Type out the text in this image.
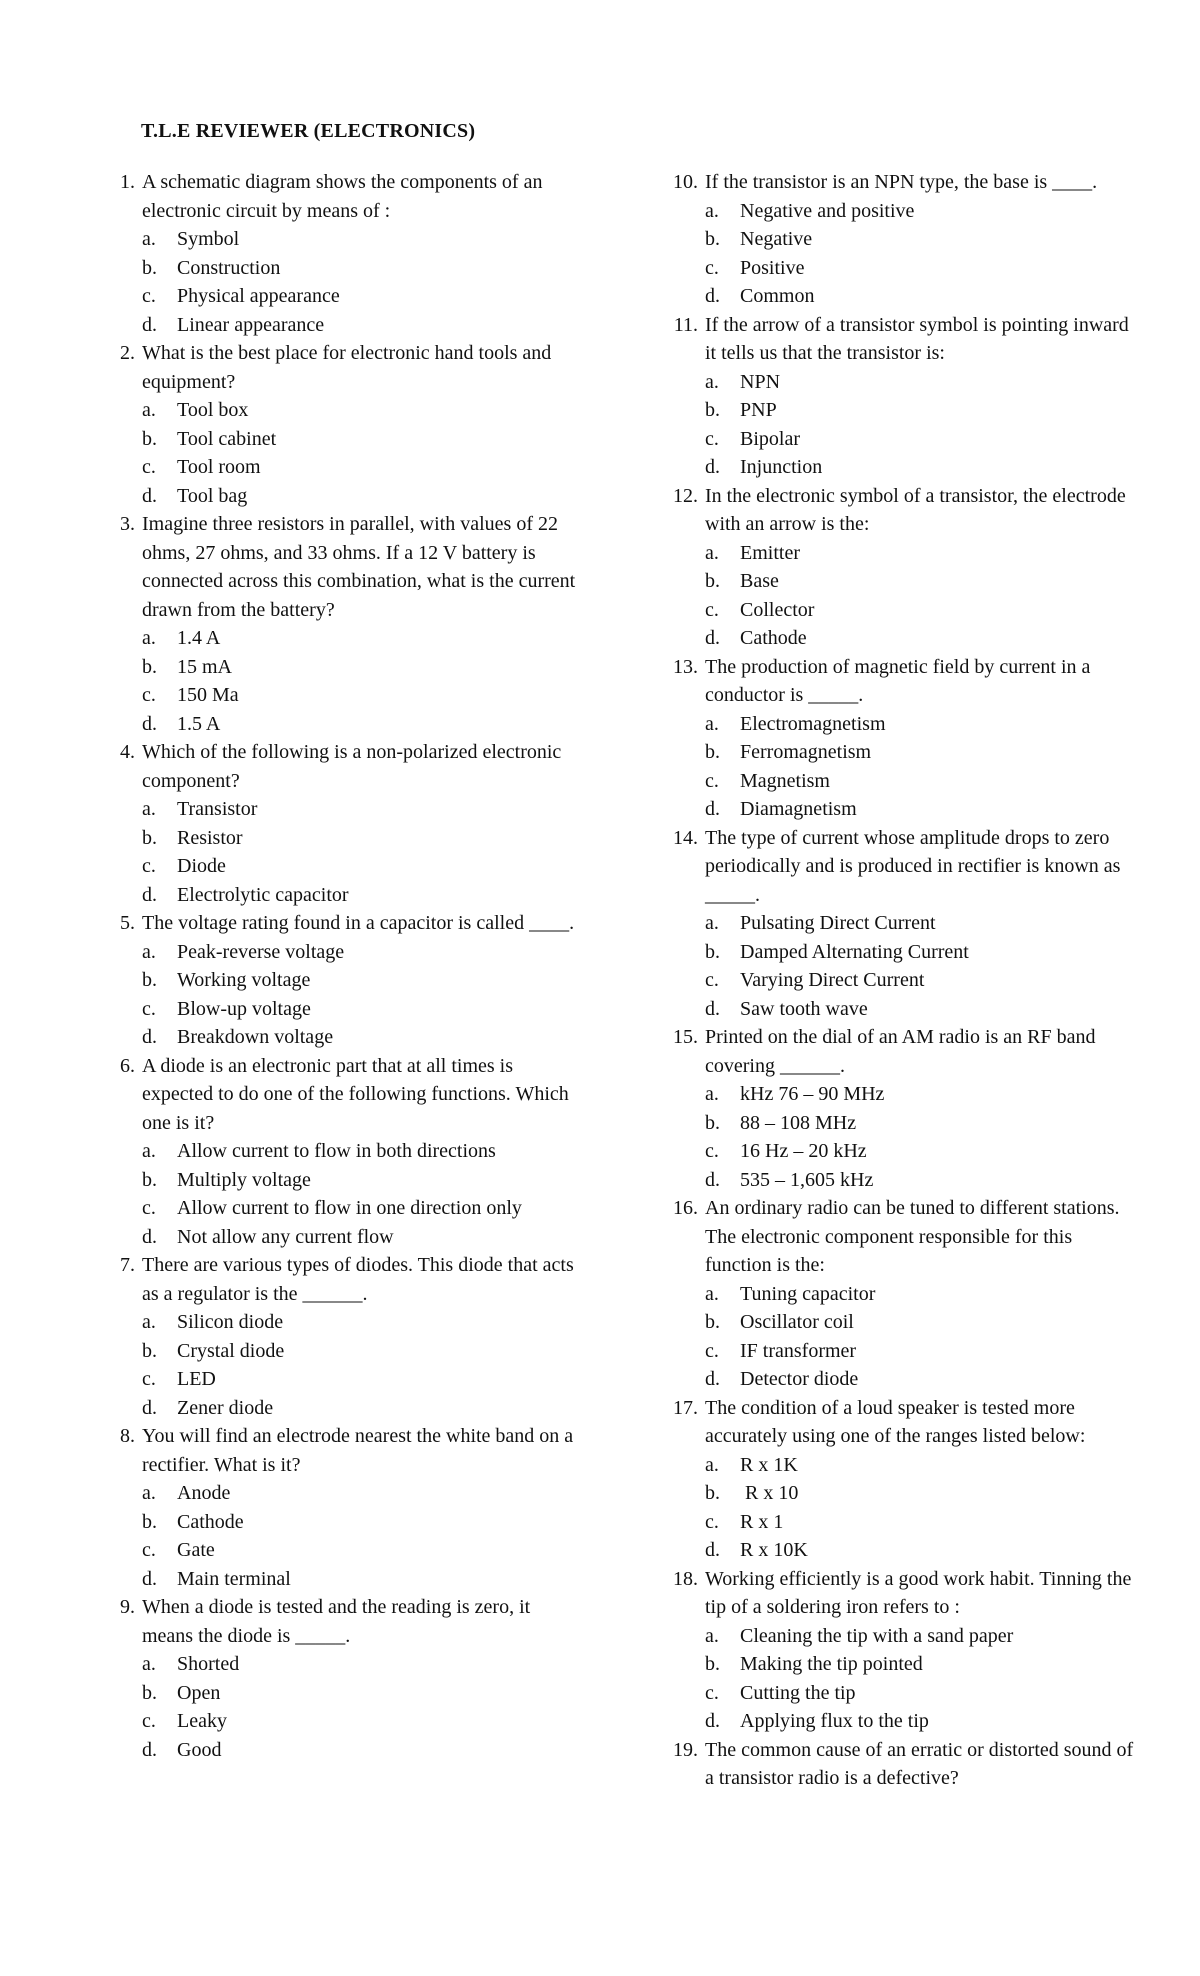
T.L.E REVIEWER (ELECTRONICS)
1. A schematic diagram shows the components of an electronic circuit by means of :
a. Symbol
b. Construction
c. Physical appearance
d. Linear appearance
2. What is the best place for electronic hand tools and equipment?
a. Tool box
b. Tool cabinet
c. Tool room
d. Tool bag
3. Imagine three resistors in parallel, with values of 22 ohms, 27 ohms, and 33 ohms. If a 12 V battery is connected across this combination, what is the current drawn from the battery?
a. 1.4 A
b. 15 mA
c. 150 Ma
d. 1.5 A
4. Which of the following is a non-polarized electronic component?
a. Transistor
b. Resistor
c. Diode
d. Electrolytic capacitor
5. The voltage rating found in a capacitor is called ____.
a. Peak-reverse voltage
b. Working voltage
c. Blow-up voltage
d. Breakdown voltage
6. A diode is an electronic part that at all times is expected to do one of the following functions. Which one is it?
a. Allow current to flow in both directions
b. Multiply voltage
c. Allow current to flow in one direction only
d. Not allow any current flow
7. There are various types of diodes. This diode that acts as a regulator is the ______.
a. Silicon diode
b. Crystal diode
c. LED
d. Zener diode
8. You will find an electrode nearest the white band on a rectifier. What is it?
a. Anode
b. Cathode
c. Gate
d. Main terminal
9. When a diode is tested and the reading is zero, it means the diode is _____.
a. Shorted
b. Open
c. Leaky
d. Good
10. If the transistor is an NPN type, the base is ____.
a. Negative and positive
b. Negative
c. Positive
d. Common
11. If the arrow of a transistor symbol is pointing inward it tells us that the transistor is:
a. NPN
b. PNP
c. Bipolar
d. Injunction
12. In the electronic symbol of a transistor, the electrode with an arrow is the:
a. Emitter
b. Base
c. Collector
d. Cathode
13. The production of magnetic field by current in a conductor is _____.
a. Electromagnetism
b. Ferromagnetism
c. Magnetism
d. Diamagnetism
14. The type of current whose amplitude drops to zero periodically and is produced in rectifier is known as _____.
a. Pulsating Direct Current
b. Damped Alternating Current
c. Varying Direct Current
d. Saw tooth wave
15. Printed on the dial of an AM radio is an RF band covering ______.
a. kHz 76 – 90 MHz
b. 88 – 108 MHz
c. 16 Hz – 20 kHz
d. 535 – 1,605 kHz
16. An ordinary radio can be tuned to different stations. The electronic component responsible for this function is the:
a. Tuning capacitor
b. Oscillator coil
c. IF transformer
d. Detector diode
17. The condition of a loud speaker is tested more accurately using one of the ranges listed below:
a. R x 1K
b. R x 10
c. R x 1
d. R x 10K
18. Working efficiently is a good work habit. Tinning the tip of a soldering iron refers to :
a. Cleaning the tip with a sand paper
b. Making the tip pointed
c. Cutting the tip
d. Applying flux to the tip
19. The common cause of an erratic or distorted sound of a transistor radio is a defective?
